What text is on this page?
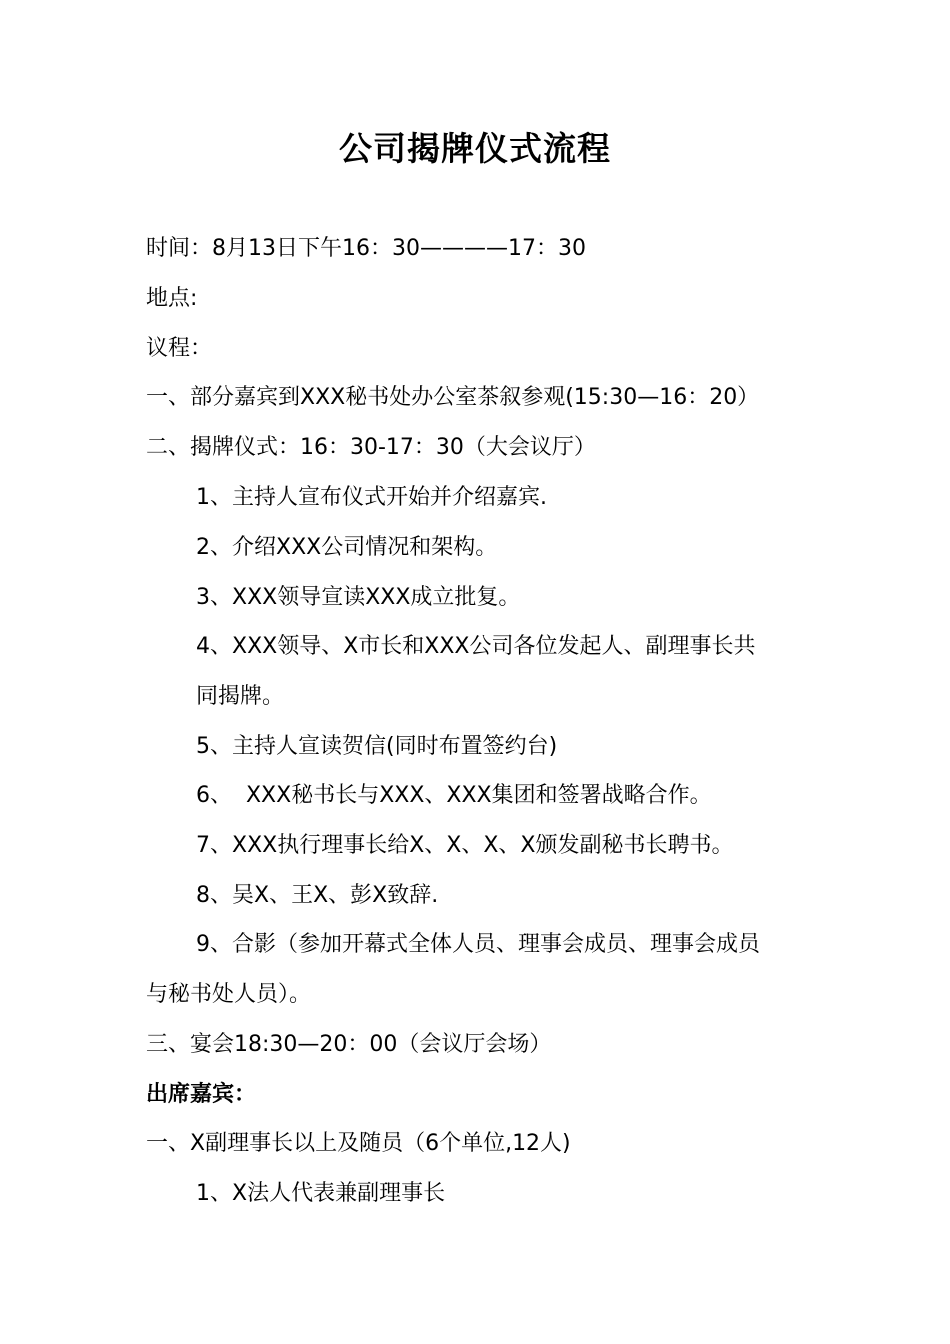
公司揭牌仪式流程
时间：8月13日下午16：30————17：30
地点:
议程：
一、部分嘉宾到XXX秘书处办公室茶叙参观(15:30—16：20）
二、揭牌仪式：16：30-17：30（大会议厅）
1、主持人宣布仪式开始并介绍嘉宾.
2、介绍XXX公司情况和架构。
3、XXX领导宣读XXX成立批复。
4、XXX领导、X市长和XXX公司各位发起人、副理事长共
同揭牌。
5、主持人宣读贺信(同时布置签约台)
6、  XXX秘书长与XXX、XXX集团和签署战略合作。
7、XXX执行理事长给X、X、X、X颁发副秘书长聘书。
8、吴X、王X、彭X致辞.
9、合影（参加开幕式全体人员、理事会成员、理事会成员
与秘书处人员）。
三、宴会18:30—20：00（会议厅会场）
出席嘉宾：
一、X副理事长以上及随员（6个单位,12人)
1、X法人代表兼副理事长
